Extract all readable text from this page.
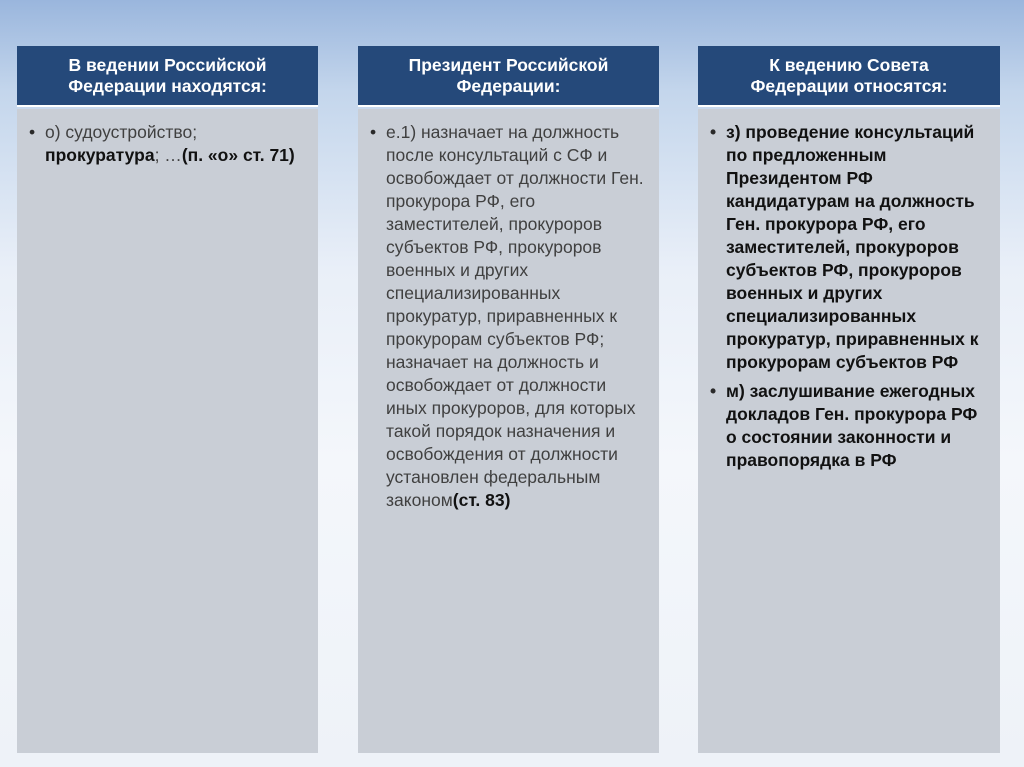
В ведении Российской
Федерации находятся:
• о) судоустройство; прокуратура; …(п. «о» ст. 71)
Президент Российской
Федерации:
• е.1) назначает на должность после консультаций с СФ и освобождает от должности Ген. прокурора РФ, его заместителей, прокуроров субъектов РФ, прокуроров военных и других специализированных прокуратур, приравненных к прокурорам субъектов РФ; назначает на должность и освобождает от должности иных прокуроров, для которых такой порядок назначения и освобождения от должности установлен федеральным законом(ст. 83)
К ведению Совета
Федерации относятся:
• з) проведение консультаций по предложенным Президентом РФ кандидатурам на должность Ген. прокурора РФ, его заместителей, прокуроров субъектов РФ, прокуроров военных и других специализированных прокуратур, приравненных к прокурорам субъектов РФ
• м) заслушивание ежегодных докладов Ген. прокурора РФ о состоянии законности и правопорядка в РФ
